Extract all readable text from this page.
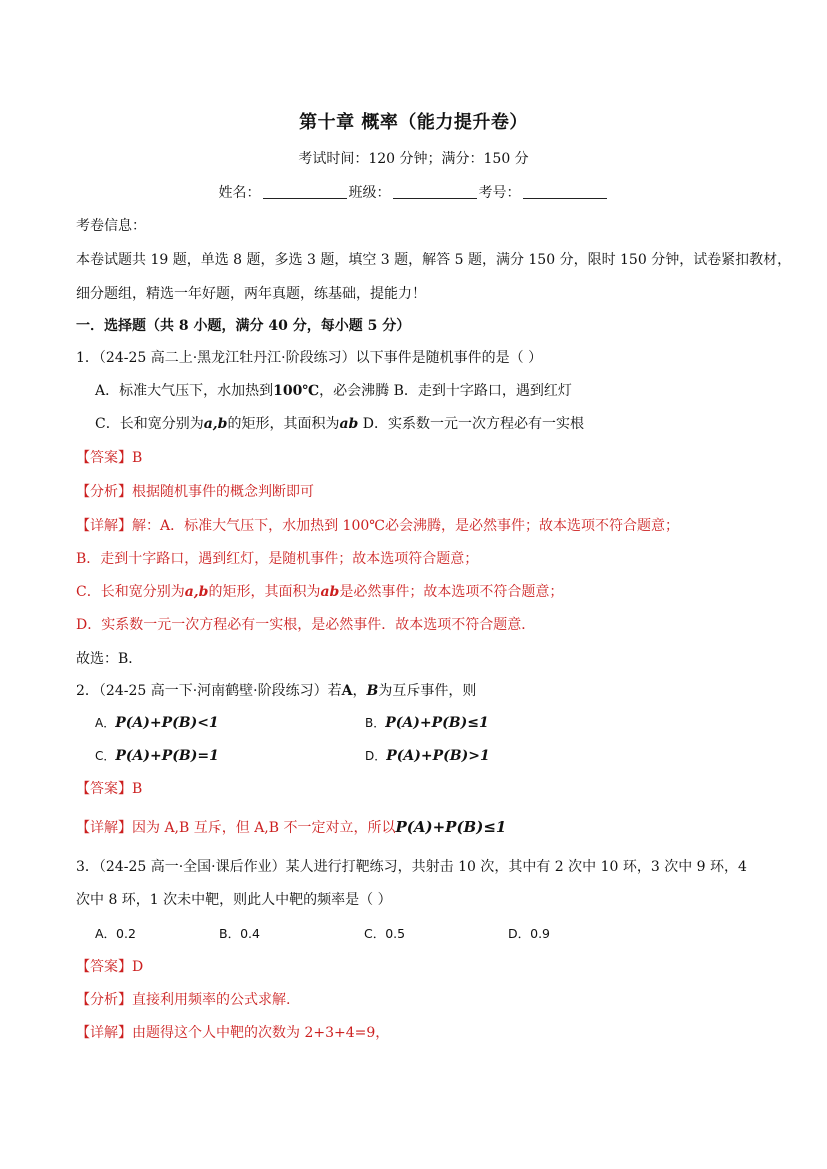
第十章 概率（能力提升卷）
考试时间：120 分钟；满分：150 分
姓名：	班级：	考号：
考卷信息：
本卷试题共 19 题，单选 8 题，多选 3 题，填空 3 题，解答 5 题，满分 150 分，限时 150 分钟，试卷紧扣教材，
细分题组，精选一年好题，两年真题，练基础，提能力！
一．选择题（共 8 小题，满分 40 分，每小题 5 分）
1．（24-25 高二上·黑龙江牡丹江·阶段练习）以下事件是随机事件的是（ ）
A．标准大气压下，水加热到100℃，必会沸腾 B．走到十字路口，遇到红灯
C．长和宽分别为a,b的矩形，其面积为ab D．实系数一元一次方程必有一实根
【答案】B
【分析】根据随机事件的概念判断即可
【详解】解：A．标准大气压下，水加热到 100℃必会沸腾，是必然事件；故本选项不符合题意；
B．走到十字路口，遇到红灯，是随机事件；故本选项符合题意；
C．长和宽分别为a,b的矩形，其面积为ab是必然事件；故本选项不符合题意；
D．实系数一元一次方程必有一实根，是必然事件．故本选项不符合题意．
故选：B．
2．（24-25 高一下·河南鹤壁·阶段练习）若A，B为互斥事件，则
A．P(A)+P(B)<1	B．P(A)+P(B)≤1
C．P(A)+P(B)=1	D．P(A)+P(B)>1
【答案】B
【详解】因为 A,B 互斥，但 A,B 不一定对立，所以P(A)+P(B)≤1
3．（24-25 高一·全国·课后作业）某人进行打靶练习，共射击 10 次，其中有 2 次中 10 环，3 次中 9 环，4
次中 8 环，1 次未中靶，则此人中靶的频率是（ ）
A．0.2	B．0.4	C．0.5	D．0.9
【答案】D
【分析】直接利用频率的公式求解.
【详解】由题得这个人中靶的次数为 2+3+4=9，
